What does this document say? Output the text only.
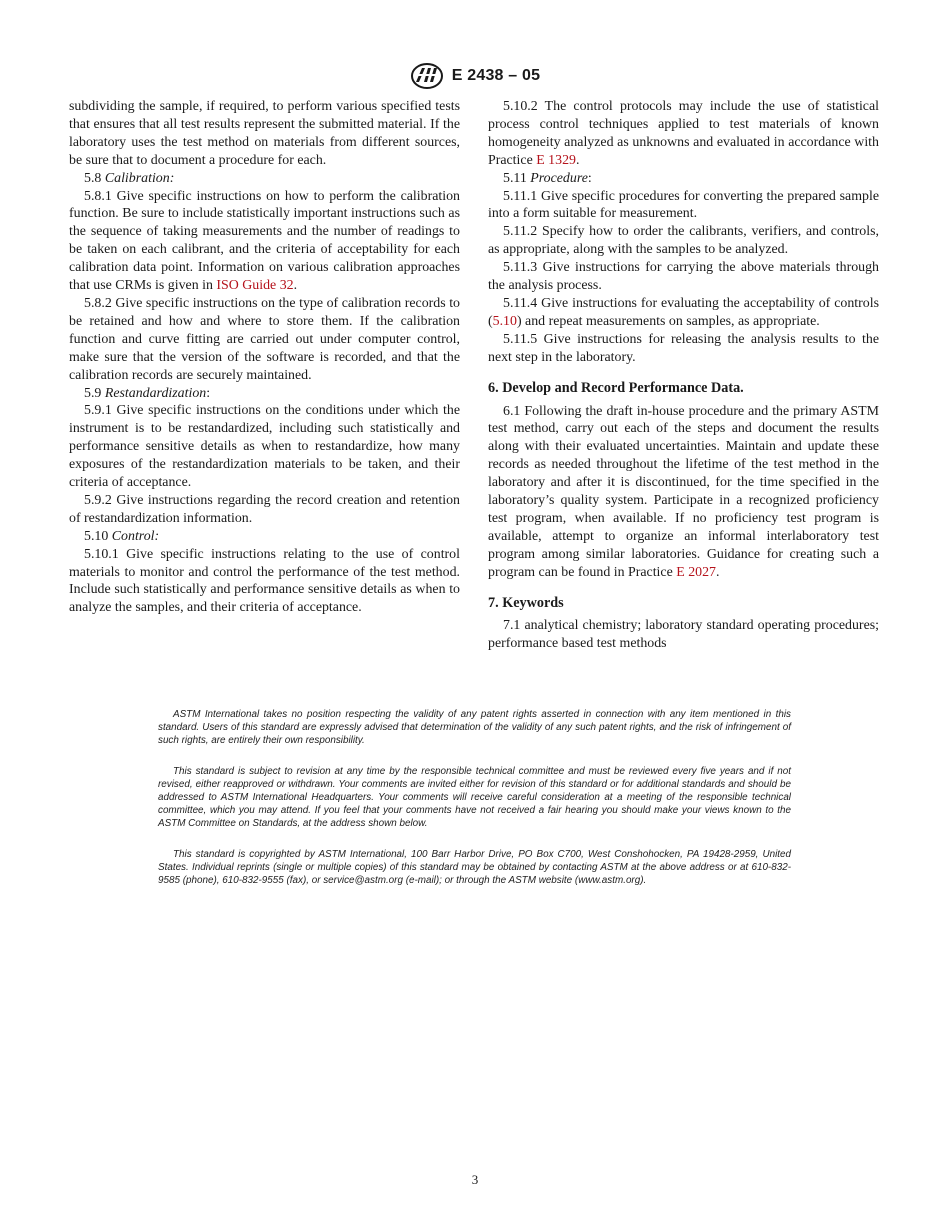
E 2438 – 05

subdividing the sample, if required, to perform various specified tests that ensures that all test results represent the submitted material. If the laboratory uses the test method on materials from different sources, be sure that to document a procedure for each.

5.8 Calibration:

5.8.1 Give specific instructions on how to perform the calibration function. Be sure to include statistically important instructions such as the sequence of taking measurements and the number of readings to be taken on each calibrant, and the criteria of acceptability for each calibration data point. Information on various calibration approaches that use CRMs is given in ISO Guide 32.

5.8.2 Give specific instructions on the type of calibration records to be retained and how and where to store them. If the calibration function and curve fitting are carried out under computer control, make sure that the version of the software is recorded, and that the calibration records are securely maintained.

5.9 Restandardization:

5.9.1 Give specific instructions on the conditions under which the instrument is to be restandardized, including such statistically and performance sensitive details as when to restandardize, how many exposures of the restandardization materials to be taken, and their criteria of acceptance.

5.9.2 Give instructions regarding the record creation and retention of restandardization information.

5.10 Control:

5.10.1 Give specific instructions relating to the use of control materials to monitor and control the performance of the test method. Include such statistically and performance sensitive details as when to analyze the samples, and their criteria of acceptance.

5.10.2 The control protocols may include the use of statistical process control techniques applied to test materials of known homogeneity analyzed as unknowns and evaluated in accordance with Practice E 1329.

5.11 Procedure:

5.11.1 Give specific procedures for converting the prepared sample into a form suitable for measurement.

5.11.2 Specify how to order the calibrants, verifiers, and controls, as appropriate, along with the samples to be analyzed.

5.11.3 Give instructions for carrying the above materials through the analysis process.

5.11.4 Give instructions for evaluating the acceptability of controls (5.10) and repeat measurements on samples, as appropriate.

5.11.5 Give instructions for releasing the analysis results to the next step in the laboratory.

6. Develop and Record Performance Data.

6.1 Following the draft in-house procedure and the primary ASTM test method, carry out each of the steps and document the results along with their evaluated uncertainties. Maintain and update these records as needed throughout the lifetime of the test method in the laboratory and after it is discontinued, for the time specified in the laboratory’s quality system. Participate in a recognized proficiency test program, when available. If no proficiency test program is available, attempt to organize an informal interlaboratory test program among similar laboratories. Guidance for creating such a program can be found in Practice E 2027.

7. Keywords

7.1 analytical chemistry; laboratory standard operating procedures; performance based test methods

ASTM International takes no position respecting the validity of any patent rights asserted in connection with any item mentioned in this standard. Users of this standard are expressly advised that determination of the validity of any such patent rights, and the risk of infringement of such rights, are entirely their own responsibility.

This standard is subject to revision at any time by the responsible technical committee and must be reviewed every five years and if not revised, either reapproved or withdrawn. Your comments are invited either for revision of this standard or for additional standards and should be addressed to ASTM International Headquarters. Your comments will receive careful consideration at a meeting of the responsible technical committee, which you may attend. If you feel that your comments have not received a fair hearing you should make your views known to the ASTM Committee on Standards, at the address shown below.

This standard is copyrighted by ASTM International, 100 Barr Harbor Drive, PO Box C700, West Conshohocken, PA 19428-2959, United States. Individual reprints (single or multiple copies) of this standard may be obtained by contacting ASTM at the above address or at 610-832-9585 (phone), 610-832-9555 (fax), or service@astm.org (e-mail); or through the ASTM website (www.astm.org).

3
